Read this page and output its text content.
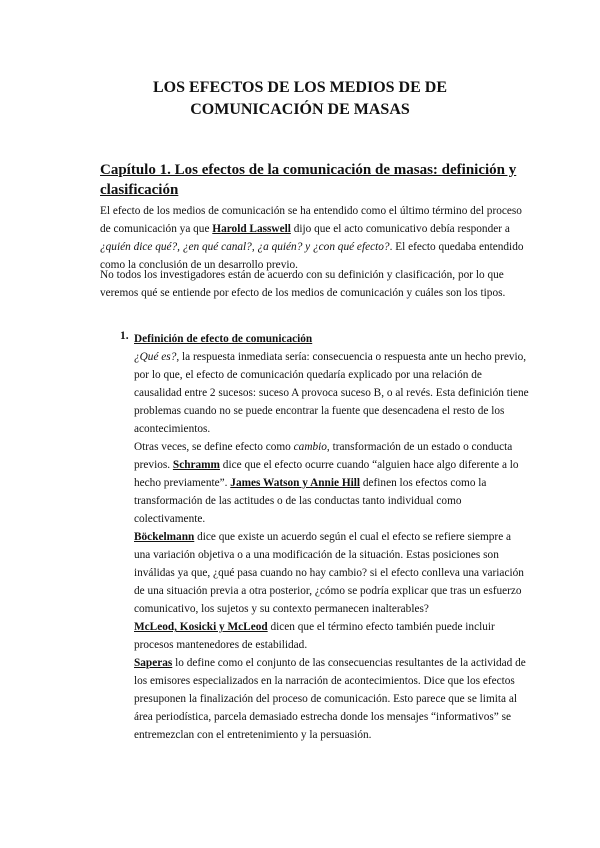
LOS EFECTOS DE LOS MEDIOS DE DE
COMUNICACIÓN DE MASAS
Capítulo 1. Los efectos de la comunicación de masas: definición y clasificación

El efecto de los medios de comunicación se ha entendido como el último término del proceso de comunicación ya que Harold Lasswell dijo que el acto comunicativo debía responder a ¿quién dice qué?, ¿en qué canal?, ¿a quién? y ¿con qué efecto?. El efecto quedaba entendido como la conclusión de un desarrollo previo.

No todos los investigadores están de acuerdo con su definición y clasificación, por lo que veremos qué se entiende por efecto de los medios de comunicación y cuáles son los tipos.

1. Definición de efecto de comunicación

¿Qué es?, la respuesta inmediata sería: consecuencia o respuesta ante un hecho previo, por lo que, el efecto de comunicación quedaría explicado por una relación de causalidad entre 2 sucesos: suceso A provoca suceso B, o al revés. Esta definición tiene problemas cuando no se puede encontrar la fuente que desencadena el resto de los acontecimientos.

Otras veces, se define efecto como cambio, transformación de un estado o conducta previos. Schramm dice que el efecto ocurre cuando “alguien hace algo diferente a lo hecho previamente”. James Watson y Annie Hill definen los efectos como la transformación de las actitudes o de las conductas tanto individual como colectivamente.

Böckelmann dice que existe un acuerdo según el cual el efecto se refiere siempre a una variación objetiva o a una modificación de la situación. Estas posiciones son inválidas ya que, ¿qué pasa cuando no hay cambio? si el efecto conlleva una variación de una situación previa a otra posterior, ¿cómo se podría explicar que tras un esfuerzo comunicativo, los sujetos y su contexto permanecen inalterables?

McLeod, Kosicki y McLeod dicen que el término efecto también puede incluir procesos mantenedores de estabilidad.

Saperas lo define como el conjunto de las consecuencias resultantes de la actividad de los emisores especializados en la narración de acontecimientos. Dice que los efectos presuponen la finalización del proceso de comunicación. Esto parece que se limita al área periodística, parcela demasiado estrecha donde los mensajes “informativos” se entremezclan con el entretenimiento y la persuasión.
